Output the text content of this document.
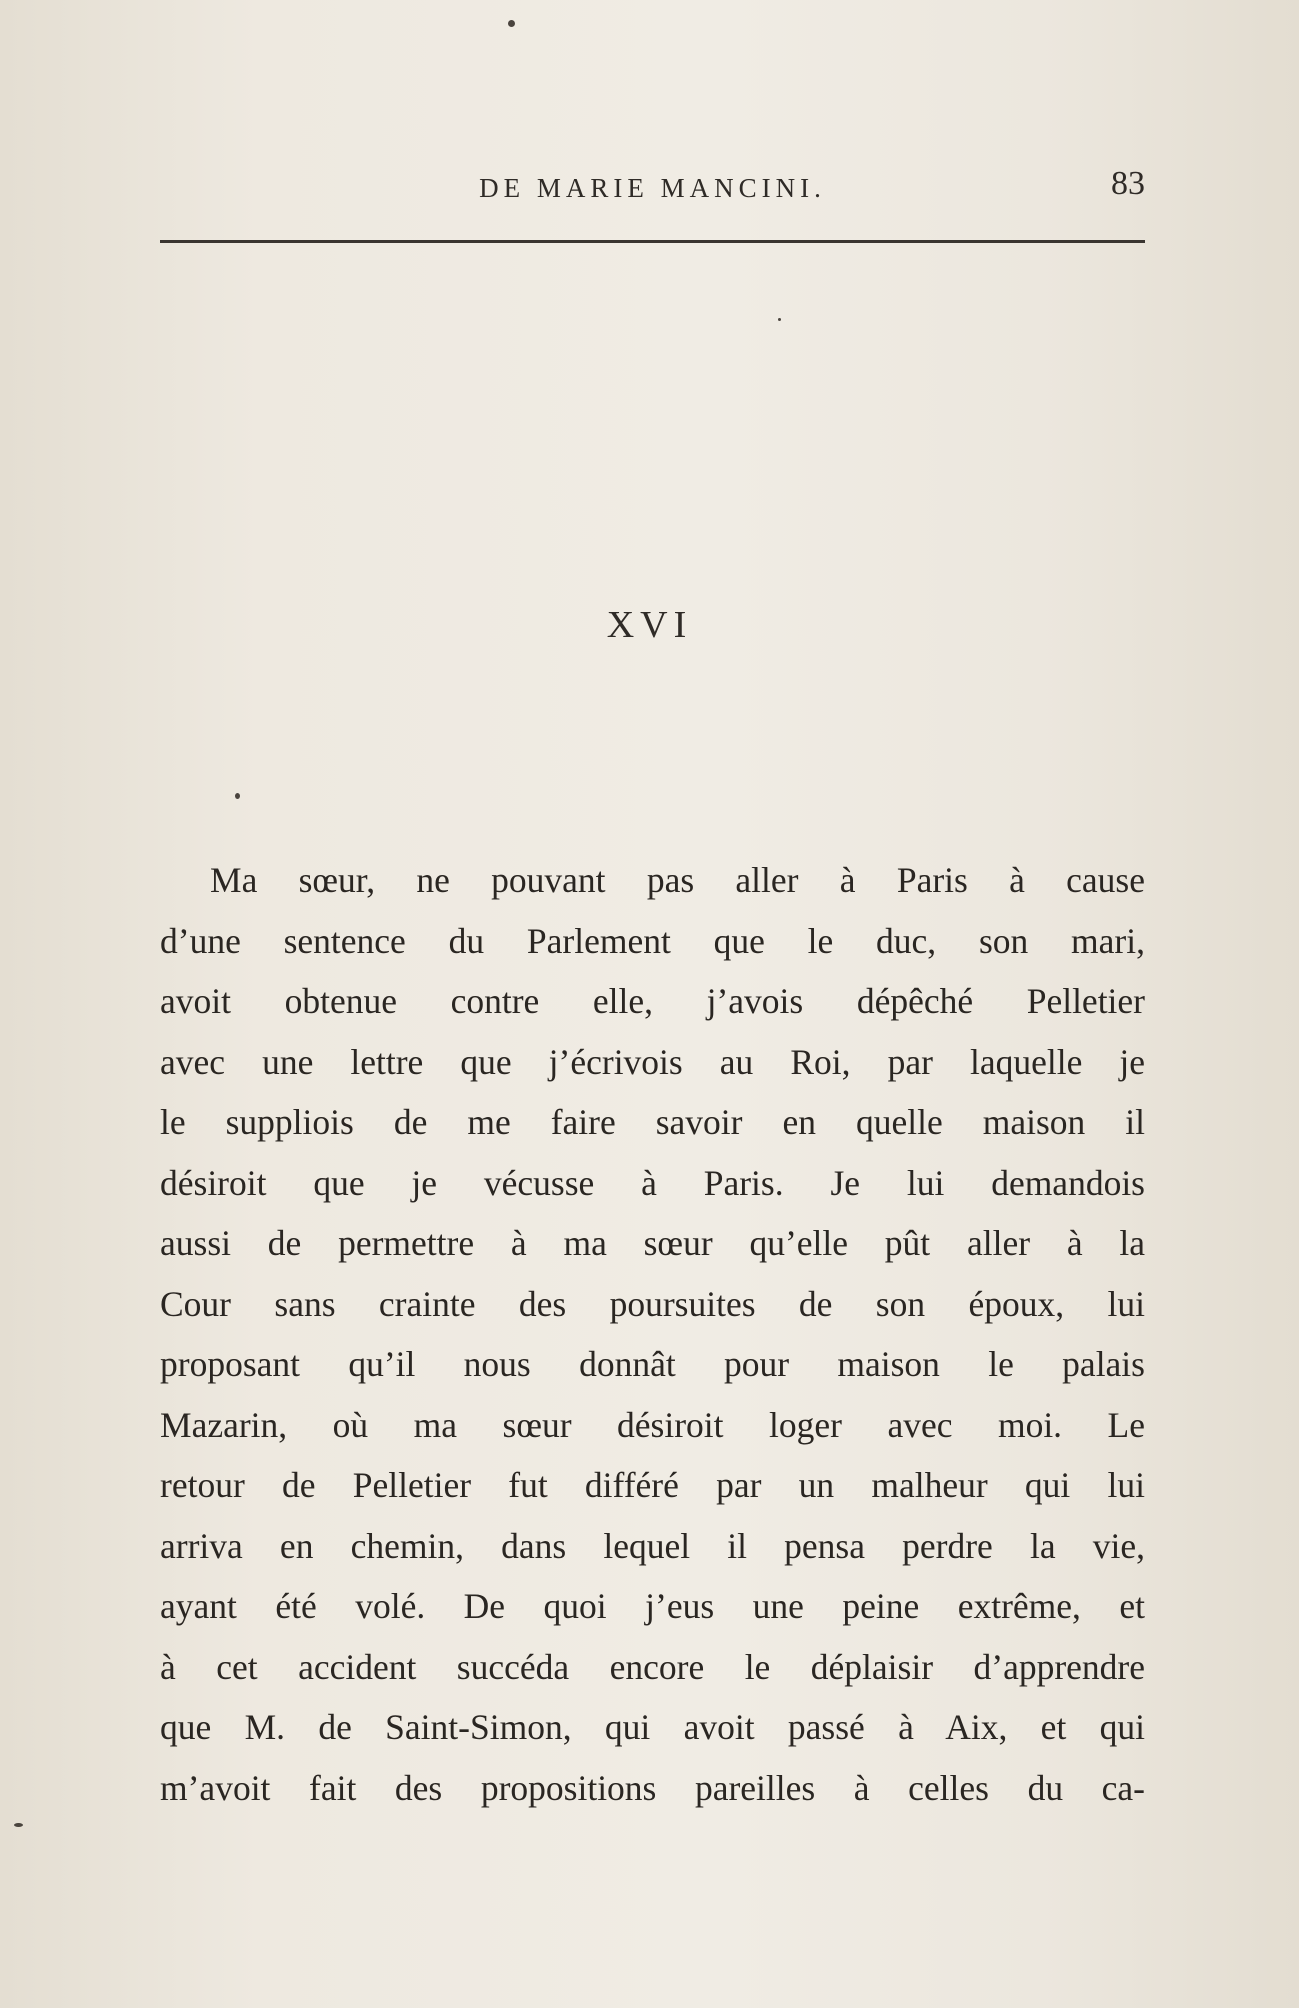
DE MARIE MANCINI.	83
XVI
Ma sœur, ne pouvant pas aller à Paris à cause
d’une sentence du Parlement que le duc, son mari,
avoit obtenue contre elle, j’avois dépêché Pelletier
avec une lettre que j’écrivois au Roi, par laquelle je
le suppliois de me faire savoir en quelle maison il
désiroit que je vécusse à Paris. Je lui demandois
aussi de permettre à ma sœur qu’elle pût aller à la
Cour sans crainte des poursuites de son époux, lui
proposant qu’il nous donnât pour maison le palais
Mazarin, où ma sœur désiroit loger avec moi. Le
retour de Pelletier fut différé par un malheur qui lui
arriva en chemin, dans lequel il pensa perdre la vie,
ayant été volé. De quoi j’eus une peine extrême, et
à cet accident succéda encore le déplaisir d’apprendre
que M. de Saint-Simon, qui avoit passé à Aix, et qui
m’avoit fait des propositions pareilles à celles du ca-
